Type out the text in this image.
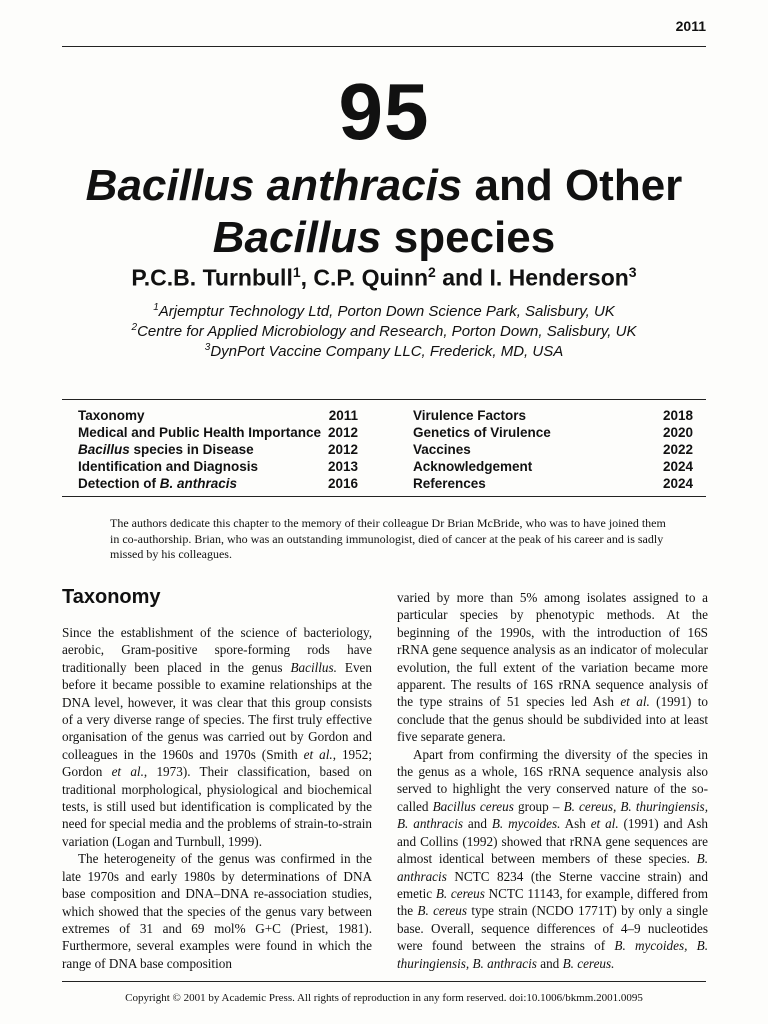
2011
95
Bacillus anthracis and Other
Bacillus species
P.C.B. Turnbull$^1$, C.P. Quinn$^2$ and I. Henderson$^3$
$^1$Arjemptur Technology Ltd, Porton Down Science Park, Salisbury, UK
$^2$Centre for Applied Microbiology and Research, Porton Down, Salisbury, UK
$^3$DynPort Vaccine Company LLC, Frederick, MD, USA
Taxonomy	2011
Medical and Public Health Importance 2012
Bacillus species in Disease	2012
Identification and Diagnosis	2013
Detection of B. anthracis	2016
Virulence Factors	2018
Genetics of Virulence	2020
Vaccines	2022
Acknowledgement	2024
References	2024
The authors dedicate this chapter to the memory of their colleague Dr Brian McBride, who was to have joined them in co-authorship. Brian, who was an outstanding immunologist, died of cancer at the peak of his career and is sadly missed by his colleagues.
Taxonomy

Since the establishment of the science of bacteriology, aerobic, Gram-positive spore-forming rods have traditionally been placed in the genus Bacillus. Even before it became possible to examine relationships at the DNA level, however, it was clear that this group consists of a very diverse range of species. The first truly effective organisation of the genus was carried out by Gordon and colleagues in the 1960s and 1970s (Smith et al., 1952; Gordon et al., 1973). Their classification, based on traditional morphological, physiological and biochemical tests, is still used but identification is complicated by the need for special media and the problems of strain-to-strain variation (Logan and Turnbull, 1999).

The heterogeneity of the genus was confirmed in the late 1970s and early 1980s by determinations of DNA base composition and DNA–DNA re-association studies, which showed that the species of the genus vary between extremes of 31 and 69 mol% G+C (Priest, 1981). Furthermore, several examples were found in which the range of DNA base composition

varied by more than 5% among isolates assigned to a particular species by phenotypic methods. At the beginning of the 1990s, with the introduction of 16S rRNA gene sequence analysis as an indicator of molecular evolution, the full extent of the variation became more apparent. The results of 16S rRNA sequence analysis of the type strains of 51 species led Ash et al. (1991) to conclude that the genus should be subdivided into at least five separate genera.

Apart from confirming the diversity of the species in the genus as a whole, 16S rRNA sequence analysis also served to highlight the very conserved nature of the so-called Bacillus cereus group – B. cereus, B. thuringiensis, B. anthracis and B. mycoides. Ash et al. (1991) and Ash and Collins (1992) showed that rRNA gene sequences are almost identical between members of these species. B. anthracis NCTC 8234 (the Sterne vaccine strain) and emetic B. cereus NCTC 11143, for example, differed from the B. cereus type strain (NCDO 1771T) by only a single base. Overall, sequence differences of 4–9 nucleotides were found between the strains of B. mycoides, B. thuringiensis, B. anthracis and B. cereus.

Copyright © 2001 by Academic Press. All rights of reproduction in any form reserved. doi:10.1006/bkmm.2001.0095
